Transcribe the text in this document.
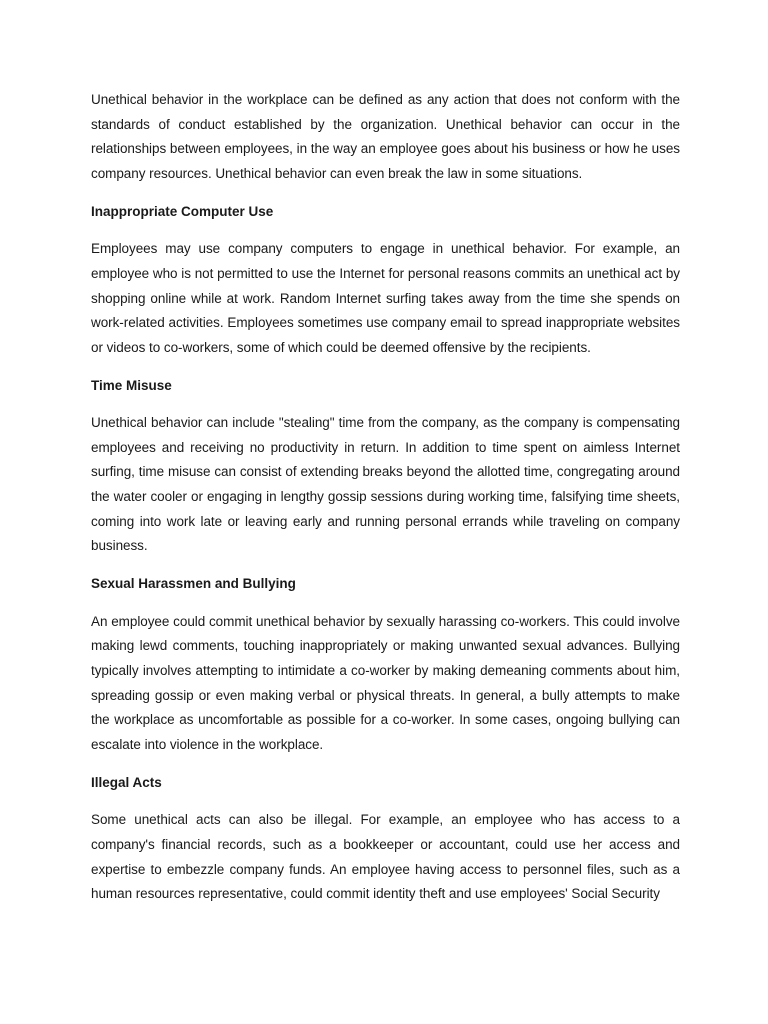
Unethical behavior in the workplace can be defined as any action that does not conform with the standards of conduct established by the organization. Unethical behavior can occur in the relationships between employees, in the way an employee goes about his business or how he uses company resources. Unethical behavior can even break the law in some situations.

Inappropriate Computer Use

Employees may use company computers to engage in unethical behavior. For example, an employee who is not permitted to use the Internet for personal reasons commits an unethical act by shopping online while at work. Random Internet surfing takes away from the time she spends on work-related activities. Employees sometimes use company email to spread inappropriate websites or videos to co-workers, some of which could be deemed offensive by the recipients.

Time Misuse

Unethical behavior can include "stealing" time from the company, as the company is compensating employees and receiving no productivity in return. In addition to time spent on aimless Internet surfing, time misuse can consist of extending breaks beyond the allotted time, congregating around the water cooler or engaging in lengthy gossip sessions during working time, falsifying time sheets, coming into work late or leaving early and running personal errands while traveling on company business.

Sexual Harassmen and Bullying

An employee could commit unethical behavior by sexually harassing co-workers. This could involve making lewd comments, touching inappropriately or making unwanted sexual advances. Bullying typically involves attempting to intimidate a co-worker by making demeaning comments about him, spreading gossip or even making verbal or physical threats. In general, a bully attempts to make the workplace as uncomfortable as possible for a co-worker. In some cases, ongoing bullying can escalate into violence in the workplace.

Illegal Acts

Some unethical acts can also be illegal. For example, an employee who has access to a company's financial records, such as a bookkeeper or accountant, could use her access and expertise to embezzle company funds. An employee having access to personnel files, such as a human resources representative, could commit identity theft and use employees' Social Security
